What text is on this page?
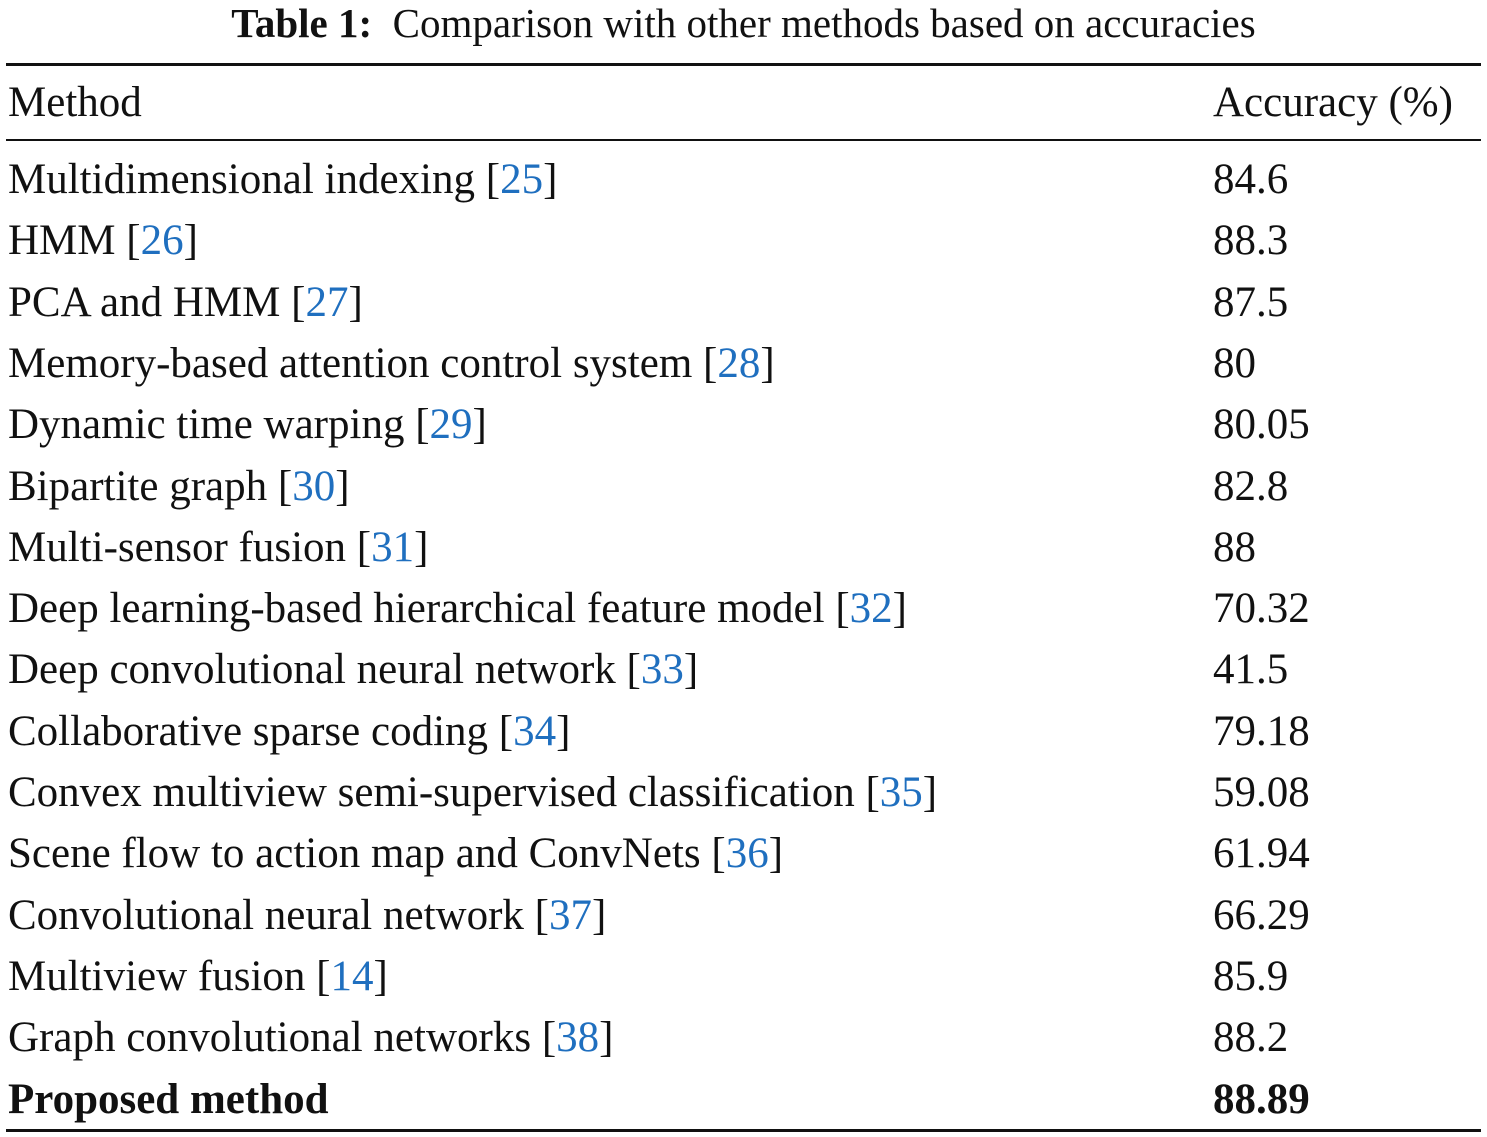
Table 1: Comparison with other methods based on accuracies
Method	Accuracy (%)
Multidimensional indexing [25]	84.6
HMM [26]	88.3
PCA and HMM [27]	87.5
Memory-based attention control system [28]	80
Dynamic time warping [29]	80.05
Bipartite graph [30]	82.8
Multi-sensor fusion [31]	88
Deep learning-based hierarchical feature model [32]	70.32
Deep convolutional neural network [33]	41.5
Collaborative sparse coding [34]	79.18
Convex multiview semi-supervised classification [35]	59.08
Scene flow to action map and ConvNets [36]	61.94
Convolutional neural network [37]	66.29
Multiview fusion [14]	85.9
Graph convolutional networks [38]	88.2
Proposed method	88.89
